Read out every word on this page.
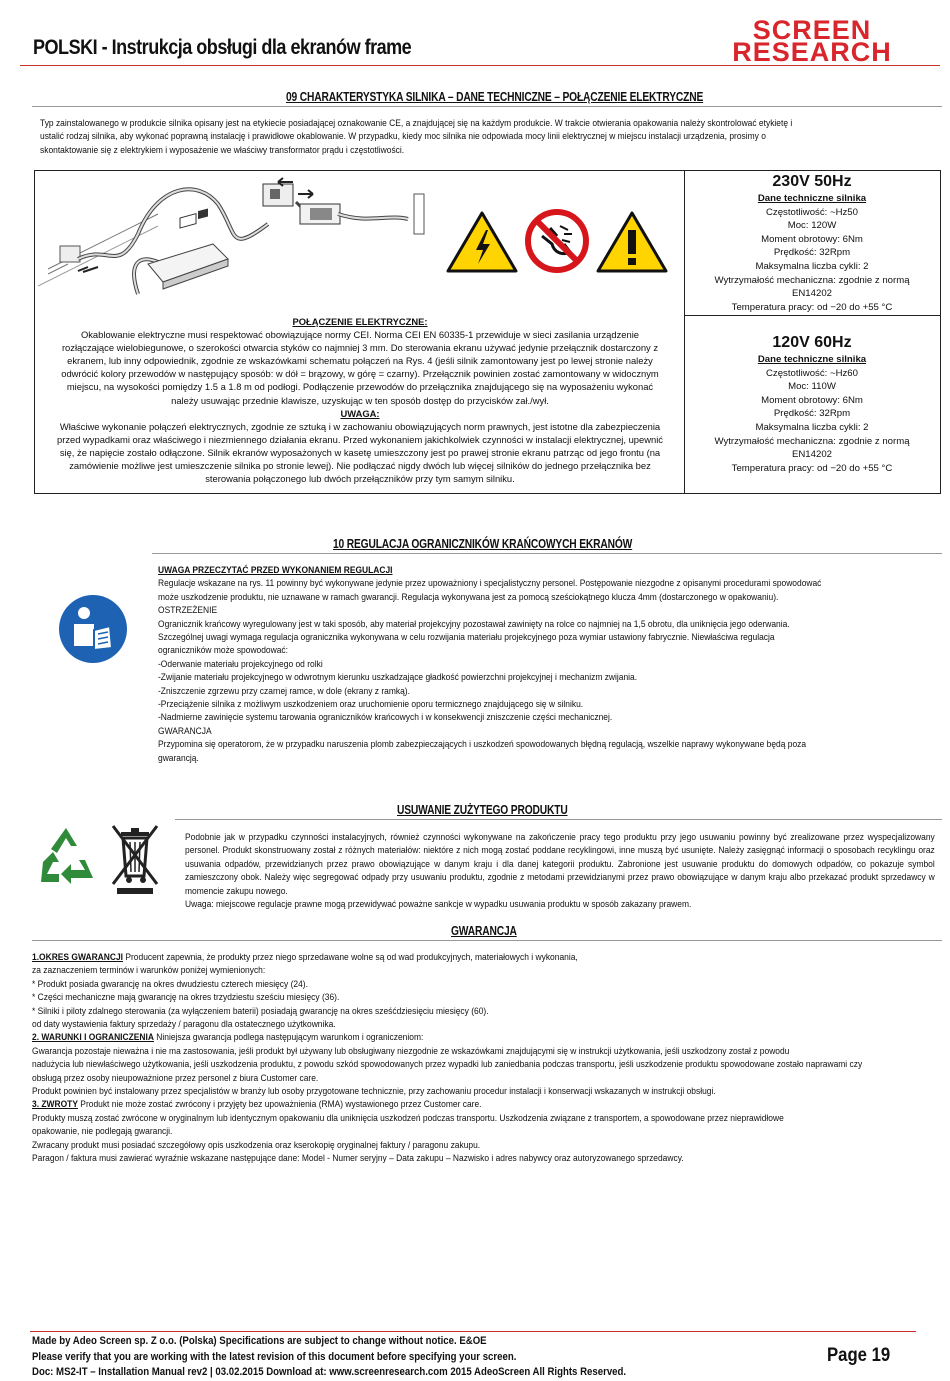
POLSKI - Instrukcja obsługi dla ekranów frame
SCREEN
RESEARCH
09 CHARAKTERYSTYKA SILNIKA – DANE TECHNICZNE – POŁĄCZENIE ELEKTRYCZNE
Typ zainstalowanego w produkcie silnika opisany jest na etykiecie posiadającej oznakowanie CE, a znajdującej się na każdym produkcie. W trakcie otwierania opakowania należy skontrolować etykietę i
ustalić rodzaj silnika, aby wykonać poprawną instalację i prawidłowe okablowanie. W przypadku, kiedy moc silnika nie odpowiada mocy linii elektrycznej w miejscu instalacji urządzenia, prosimy o
skontaktowanie się z elektrykiem i wyposażenie we właściwy transformator prądu i częstotliwości.
POŁĄCZENIE ELEKTRYCZNE:
Okablowanie elektryczne musi respektować obowiązujące normy CEI. Norma CEI EN 60335-1 przewiduje w sieci zasilania urządzenie
rozłączające wielobiegunowe, o szerokości otwarcia styków co najmniej 3 mm. Do sterowania ekranu używać jedynie przełącznik dostarczony z
ekranem, lub inny odpowiednik, zgodnie ze wskazówkami schematu połączeń na Rys. 4 (jeśli silnik zamontowany jest po lewej stronie należy
odwrócić kolory przewodów w następujący sposób: w dół = brązowy, w górę = czarny). Przełącznik powinien zostać zamontowany w widocznym
miejscu, na wysokości pomiędzy 1.5 a 1.8 m od podłogi. Podłączenie przewodów do przełącznika znajdującego się na wyposażeniu wykonać
należy usuwając przednie klawisze, uzyskując w ten sposób dostęp do przycisków zał./wył.
UWAGA:
Właściwe wykonanie połączeń elektrycznych, zgodnie ze sztuką i w zachowaniu obowiązujących norm prawnych, jest istotne dla zabezpieczenia
przed wypadkami oraz właściwego i niezmiennego działania ekranu. Przed wykonaniem jakichkolwiek czynności w instalacji elektrycznej, upewnić
się, że napięcie zostało odłączone. Silnik ekranów wyposażonych w kasetę umieszczony jest po prawej stronie ekranu patrząc od jego frontu (na
zamówienie możliwe jest umieszczenie silnika po stronie lewej). Nie podłączać nigdy dwóch lub więcej silników do jednego przełącznika bez
sterowania połączonego lub dwóch przełączników przy tym samym silniku.
230V 50Hz
Dane techniczne silnika
Częstotliwość: ~Hz50
Moc: 120W
Moment obrotowy: 6Nm
Prędkość: 32Rpm
Maksymalna liczba cykli: 2
Wytrzymałość mechaniczna: zgodnie z normą
EN14202
Temperatura pracy: od −20 do +55 °C
120V 60Hz
Dane techniczne silnika
Częstotliwość: ~Hz60
Moc: 110W
Moment obrotowy: 6Nm
Prędkość: 32Rpm
Maksymalna liczba cykli: 2
Wytrzymałość mechaniczna: zgodnie z normą
EN14202
Temperatura pracy: od −20 do +55 °C
10 REGULACJA OGRANICZNIKÓW KRAŃCOWYCH EKRANÓW
UWAGA PRZECZYTAĆ PRZED WYKONANIEM REGULACJI
Regulacje wskazane na rys. 11 powinny być wykonywane jedynie przez upoważniony i specjalistyczny personel. Postępowanie niezgodne z opisanymi procedurami spowodować
może uszkodzenie produktu, nie uznawane w ramach gwarancji. Regulacja wykonywana jest za pomocą sześciokątnego klucza 4mm (dostarczonego w opakowaniu).
OSTRZEŻENIE
Ogranicznik krańcowy wyregulowany jest w taki sposób, aby materiał projekcyjny pozostawał zawinięty na rolce co najmniej na 1,5 obrotu, dla uniknięcia jego oderwania.
Szczególnej uwagi wymaga regulacja ogranicznika wykonywana w celu rozwijania materiału projekcyjnego poza wymiar ustawiony fabrycznie. Niewłaściwa regulacja
ograniczników może spowodować:
-Oderwanie materiału projekcyjnego od rolki
-Zwijanie materiału projekcyjnego w odwrotnym kierunku uszkadzające gładkość powierzchni projekcyjnej i mechanizm zwijania.
-Zniszczenie zgrzewu przy czarnej ramce, w dole (ekrany z ramką).
-Przeciążenie silnika z możliwym uszkodzeniem oraz uruchomienie oporu termicznego znajdującego się w silniku.
-Nadmierne zawinięcie systemu tarowania ograniczników krańcowych i w konsekwencji zniszczenie części mechanicznej.
GWARANCJA
Przypomina się operatorom, że w przypadku naruszenia plomb zabezpieczających i uszkodzeń spowodowanych błędną regulacją, wszelkie naprawy wykonywane będą poza
gwarancją.
USUWANIE ZUŻYTEGO PRODUKTU
Podobnie jak w przypadku czynności instalacyjnych, również czynności wykonywane na zakończenie pracy tego produktu przy jego usuwaniu powinny być zrealizowane przez wyspecjalizowany personel. Produkt skonstruowany został z różnych materiałów: niektóre z nich mogą zostać poddane recyklingowi, inne muszą być usunięte. Należy zasięgnąć informacji o sposobach recyklingu oraz usuwania odpadów, przewidzianych przez prawo obowiązujące w danym kraju i dla danej kategorii produktu. Zabronione jest usuwanie produktu do domowych odpadów, co pokazuje symbol zamieszczony obok. Należy więc segregować odpady przy usuwaniu produktu, zgodnie z metodami przewidzianymi przez prawo obowiązujące w danym kraju albo przekazać produkt sprzedawcy w momencie zakupu nowego.
Uwaga: miejscowe regulacje prawne mogą przewidywać poważne sankcje w wypadku usuwania produktu w sposób zakazany prawem.
GWARANCJA
1.OKRES GWARANCJI Producent zapewnia, że produkty przez niego sprzedawane wolne są od wad produkcyjnych, materiałowych i wykonania,
za zaznaczeniem terminów i warunków poniżej wymienionych:
* Produkt posiada gwarancję na okres dwudziestu czterech miesięcy (24).
* Części mechaniczne mają gwarancję na okres trzydziestu sześciu miesięcy (36).
* Silniki i piloty zdalnego sterowania (za wyłączeniem baterii) posiadają gwarancję na okres sześćdziesięciu miesięcy (60).
od daty wystawienia faktury sprzedaży / paragonu dla ostatecznego użytkownika.
2. WARUNKI I OGRANICZENIA Niniejsza gwarancja podlega następującym warunkom i ograniczeniom:
Gwarancja pozostaje nieważna i nie ma zastosowania, jeśli produkt był używany lub obsługiwany niezgodnie ze wskazówkami znajdującymi się w instrukcji użytkowania, jeśli uszkodzony został z powodu
nadużycia lub niewłaściwego użytkowania, jeśli uszkodzenia produktu, z powodu szkód spowodowanych przez wypadki lub zaniedbania podczas transportu, jeśli uszkodzenie produktu spowodowane zostało naprawami czy
obsługą przez osoby nieupoważnione przez personel z biura Customer care.
Produkt powinien być instalowany przez specjalistów w branży lub osoby przygotowane technicznie, przy zachowaniu procedur instalacji i konserwacji wskazanych w instrukcji obsługi.
3. ZWROTY Produkt nie może zostać zwrócony i przyjęty bez upoważnienia (RMA) wystawionego przez Customer care.
Produkty muszą zostać zwrócone w oryginalnym lub identycznym opakowaniu dla uniknięcia uszkodzeń podczas transportu. Uszkodzenia związane z transportem, a spowodowane przez nieprawidłowe
opakowanie, nie podlegają gwarancji.
Zwracany produkt musi posiadać szczegółowy opis uszkodzenia oraz kserokopię oryginalnej faktury / paragonu zakupu.
Paragon / faktura musi zawierać wyraźnie wskazane następujące dane: Model - Numer seryjny – Data zakupu – Nazwisko i adres nabywcy oraz autoryzowanego sprzedawcy.
Made by Adeo Screen sp. Z o.o. (Polska) Specifications are subject to change without notice. E&OE
Please verify that you are working with the latest revision of this document before specifying your screen.
Doc: MS2-IT – Installation Manual rev2 | 03.02.2015 Download at: www.screenresearch.com 2015 AdeoScreen All Rights Reserved.
Page 19
